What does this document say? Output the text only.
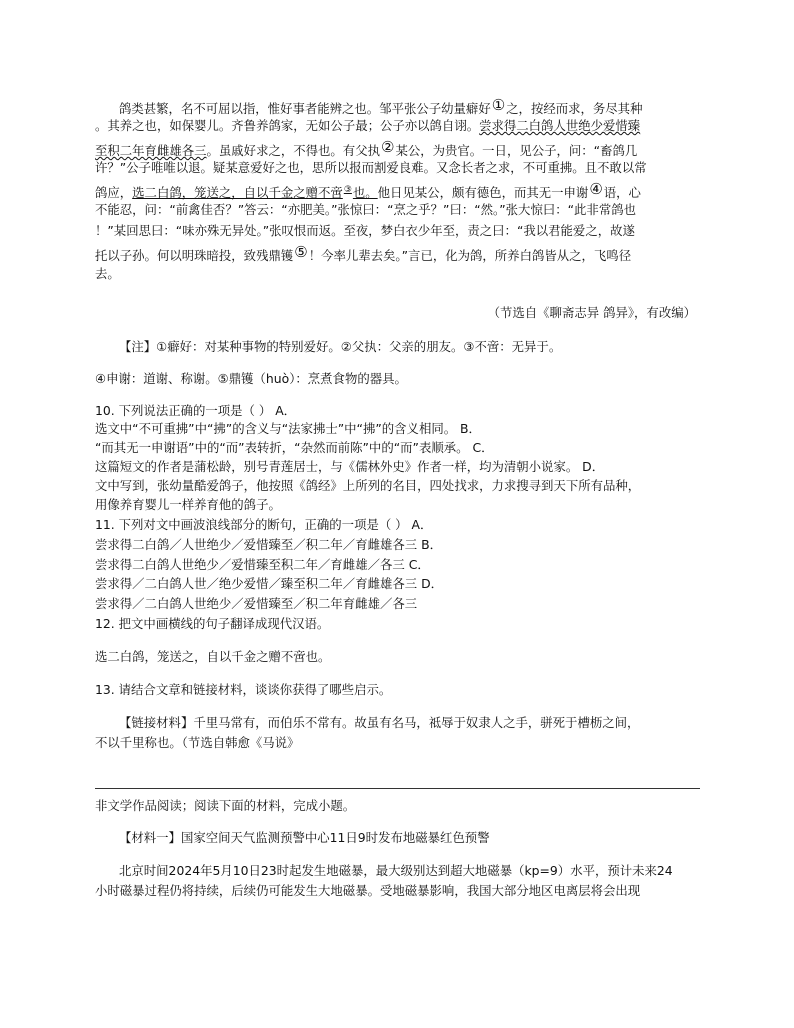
鸽类甚繁，名不可屈以指，惟好事者能辨之也。邹平张公子幼量癖好①之，按经而求，务尽其种
。其养之也，如保婴儿。齐鲁养鸽家，无如公子最；公子亦以鸽自诩。尝求得二白鸽人世绝少爱惜臻
至积二年育雌雄各三。虽戚好求之，不得也。有父执②某公，为贵官。一日，见公子，问：“畜鸽几
许？”公子唯唯以退。疑某意爱好之也，思所以报而割爱良难。又念长者之求，不可重拂。且不敢以常
鸽应，选二白鸽，笼送之，自以千金之赠不啻③也。他日见某公，颇有德色，而其无一申谢④语，心
不能忍，问：“前禽佳否？”答云：“亦肥美。”张惊曰：“烹之乎？”曰：“然。”张大惊曰：“此非常鸽也
！”某回思曰：“味亦殊无异处。”张叹恨而返。至夜，梦白衣少年至，责之曰：“我以君能爱之，故遂
托以子孙。何以明珠暗投，致残鼎镬⑤！今率儿辈去矣。”言已，化为鸽，所养白鸽皆从之，飞鸣径
去。
（节选自《聊斋志异 鸽异》，有改编）
【注】①癖好：对某种事物的特别爱好。②父执：父亲的朋友。③不啻：无异于。
④申谢：道谢、称谢。⑤鼎镬（huò）：烹煮食物的器具。
10. 下列说法正确的一项是（ ） A．
选文中“不可重拂”中“拂”的含义与“法家拂士”中“拂”的含义相同。 B．
“而其无一申谢语”中的“而”表转折，“杂然而前陈”中的“而”表顺承。 C．
这篇短文的作者是蒲松龄，别号青莲居士，与《儒林外史》作者一样，均为清朝小说家。 D．
文中写到，张幼量酷爱鸽子，他按照《鸽经》上所列的名目，四处找求，力求搜寻到天下所有品种，
用像养育婴儿一样养育他的鸽子。
11. 下列对文中画波浪线部分的断句，正确的一项是（ ） A．
尝求得二白鸽／人世绝少／爱惜臻至／积二年／育雌雄各三 B．
尝求得二白鸽人世绝少／爱惜臻至积二年／育雌雄／各三 C．
尝求得／二白鸽人世／绝少爱惜／臻至积二年／育雌雄各三 D．
尝求得／二白鸽人世绝少／爱惜臻至／积二年育雌雄／各三
12. 把文中画横线的句子翻译成现代汉语。
选二白鸽，笼送之，自以千金之赠不啻也。
13. 请结合文章和链接材料，谈谈你获得了哪些启示。
【链接材料】千里马常有，而伯乐不常有。故虽有名马，祗辱于奴隶人之手，骈死于槽枥之间，
不以千里称也。（节选自韩愈《马说》
非文学作品阅读；阅读下面的材料，完成小题。
【材料一】国家空间天气监测预警中心11日9时发布地磁暴红色预警
北京时间2024年5月10日23时起发生地磁暴，最大级别达到超大地磁暴（kp=9）水平，预计未来24
小时磁暴过程仍将持续，后续仍可能发生大地磁暴。受地磁暴影响，我国大部分地区电离层将会出现
